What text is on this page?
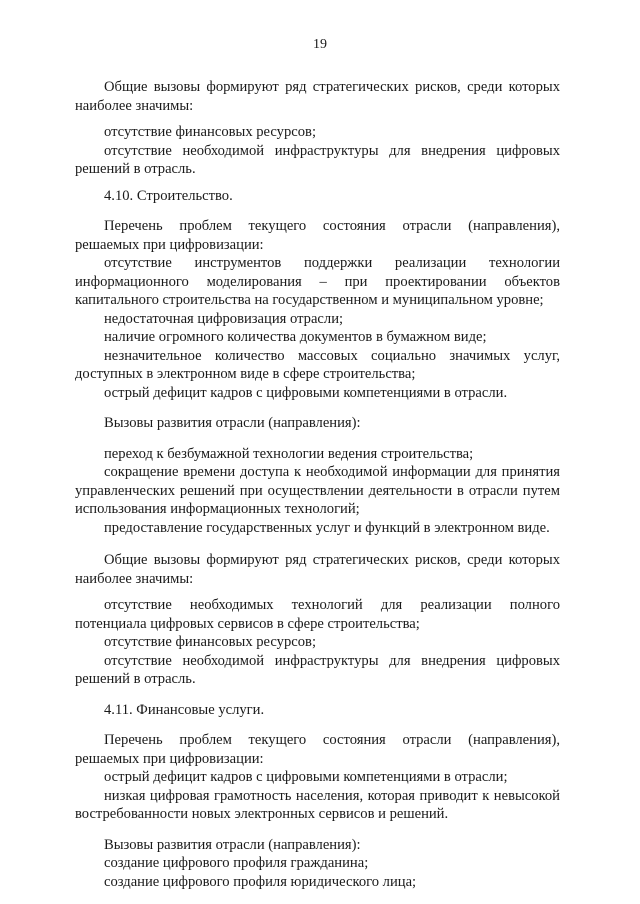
19

Общие вызовы формируют ряд стратегических рисков, среди которых наиболее значимы:

отсутствие финансовых ресурсов;

отсутствие необходимой инфраструктуры для внедрения цифровых решений в отрасль.

4.10. Строительство.

Перечень проблем текущего состояния отрасли (направления), решаемых при цифровизации:

отсутствие инструментов поддержки реализации технологии информационного моделирования – при проектировании объектов капитального строительства на государственном и муниципальном уровне;

недостаточная цифровизация отрасли;

наличие огромного количества документов в бумажном виде;

незначительное количество массовых социально значимых услуг, доступных в электронном виде в сфере строительства;

острый дефицит кадров с цифровыми компетенциями в отрасли.

Вызовы развития отрасли (направления):

переход к безбумажной технологии ведения строительства;

сокращение времени доступа к необходимой информации для принятия управленческих решений при осуществлении деятельности в отрасли путем использования информационных технологий;

предоставление государственных услуг и функций в электронном виде.

Общие вызовы формируют ряд стратегических рисков, среди которых наиболее значимы:

отсутствие необходимых технологий для реализации полного потенциала цифровых сервисов в сфере строительства;

отсутствие финансовых ресурсов;

отсутствие необходимой инфраструктуры для внедрения цифровых решений в отрасль.

4.11. Финансовые услуги.

Перечень проблем текущего состояния отрасли (направления), решаемых при цифровизации:

острый дефицит кадров с цифровыми компетенциями в отрасли;

низкая цифровая грамотность населения, которая приводит к невысокой востребованности новых электронных сервисов и решений.

Вызовы развития отрасли (направления):

создание цифрового профиля гражданина;

создание цифрового профиля юридического лица;
